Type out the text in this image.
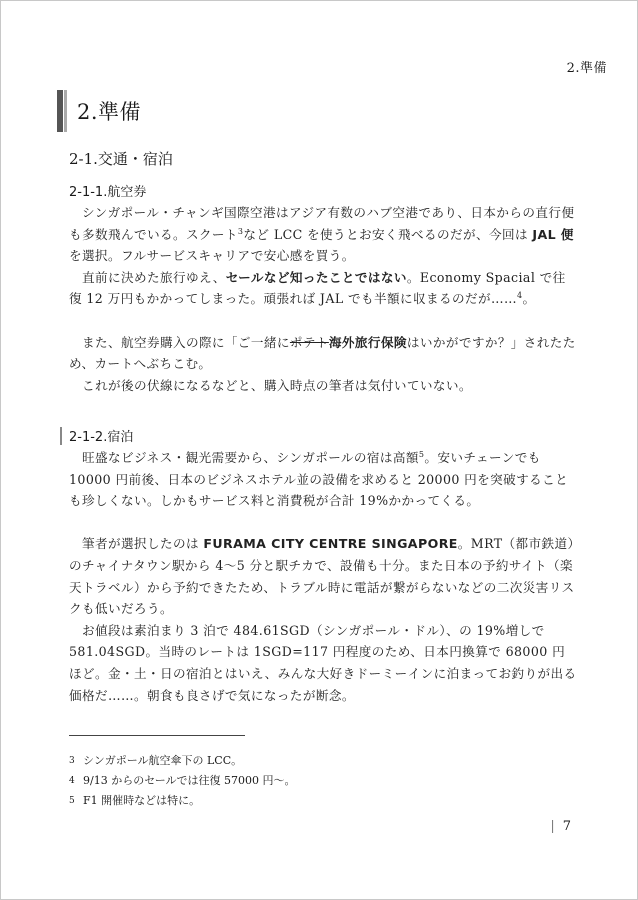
2.準備
2.準備
2-1.交通・宿泊
2-1-1.航空券

シンガポール・チャンギ国際空港はアジア有数のハブ空港であり、日本からの直行便も多数飛んでいる。スクート$^3$など LCC を使うとお安く飛べるのだが、今回は JAL 便を選択。フルサービスキャリアで安心感を買う。

直前に決めた旅行ゆえ、セールなど知ったことではない。Economy Spacial で往復 12 万円もかかってしまった。頑張れば JAL でも半額に収まるのだが……$^4$。

また、航空券購入の際に「ご一緒にポテト海外旅行保険はいかがですか？」されたため、カートへぶちこむ。

これが後の伏線になるなどと、購入時点の筆者は気付いていない。

2-1-2.宿泊

旺盛なビジネス・観光需要から、シンガポールの宿は高額$^5$。安いチェーンでも 10000 円前後、日本のビジネスホテル並の設備を求めると 20000 円を突破することも珍しくない。しかもサービス料と消費税が合計 19%かかってくる。

筆者が選択したのは FURAMA CITY CENTRE SINGAPORE。MRT（都市鉄道）のチャイナタウン駅から 4～5 分と駅チカで、設備も十分。また日本の予約サイト（楽天トラベル）から予約できたため、トラブル時に電話が繋がらないなどの二次災害リスクも低いだろう。

お値段は素泊まり 3 泊で 484.61SGD（シンガポール・ドル）、の 19%増しで 581.04SGD。当時のレートは 1SGD=117 円程度のため、日本円換算で 68000 円ほど。金・土・日の宿泊とはいえ、みんな大好きドーミーインに泊まってお釣りが出る価格だ……。朝食も良さげで気になったが断念。

3 シンガポール航空傘下の LCC。
4 9/13 からのセールでは往復 57000 円～。
5 F1 開催時などは特に。
| 7
